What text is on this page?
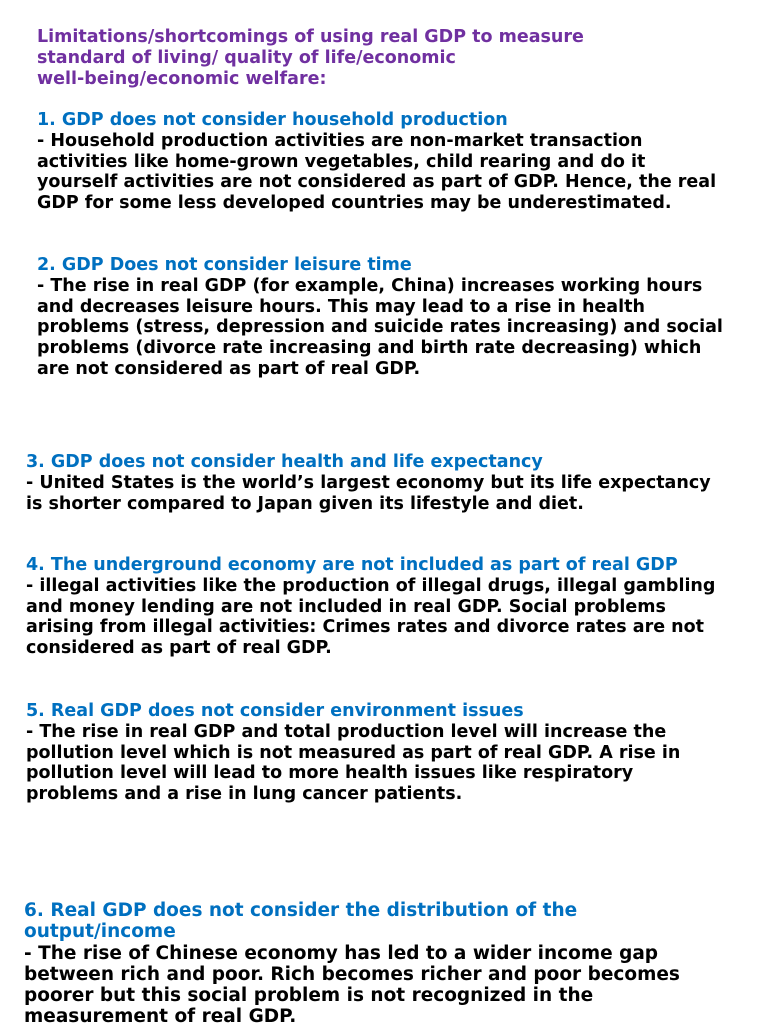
Limitations/shortcomings of using real GDP to measure
standard of living/ quality of life/economic
well-being/economic welfare:
1. GDP does not consider household production
- Household production activities are non-market transaction activities like home-grown vegetables, child rearing and do it yourself activities are not considered as part of GDP. Hence, the real GDP for some less developed countries may be underestimated.
2. GDP Does not consider leisure time
- The rise in real GDP (for example, China) increases working hours and decreases leisure hours. This may lead to a rise in health problems (stress, depression and suicide rates increasing) and social problems (divorce rate increasing and birth rate decreasing) which are not considered as part of real GDP.
3. GDP does not consider health and life expectancy
- United States is the world’s largest economy but its life expectancy is shorter compared to Japan given its lifestyle and diet.
4. The underground economy are not included as part of real GDP
- illegal activities like the production of illegal drugs, illegal gambling and money lending are not included in real GDP. Social problems arising from illegal activities: Crimes rates and divorce rates are not considered as part of real GDP.
5. Real GDP does not consider environment issues
- The rise in real GDP and total production level will increase the pollution level which is not measured as part of real GDP. A rise in pollution level will lead to more health issues like respiratory problems and a rise in lung cancer patients.
6. Real GDP does not consider the distribution of the output/income
- The rise of Chinese economy has led to a wider income gap between rich and poor. Rich becomes richer and poor becomes poorer but this social problem is not recognized in the measurement of real GDP.
